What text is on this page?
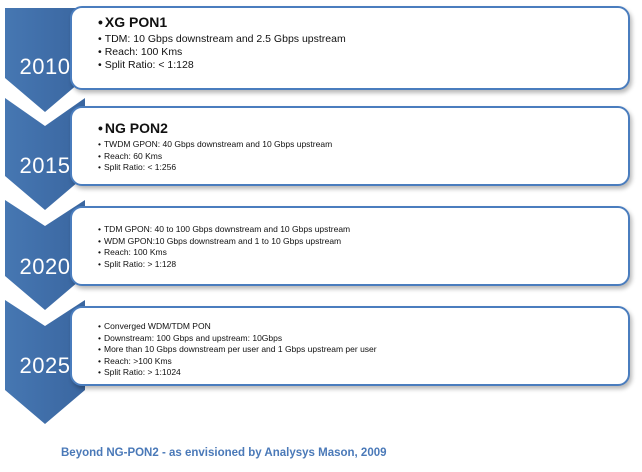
2010
2015
2020
2025
• XG PON1
• TDM: 10 Gbps downstream and 2.5 Gbps upstream
• Reach: 100 Kms
• Split Ratio: < 1:128
• NG PON2
• TWDM GPON: 40 Gbps downstream and 10 Gbps upstream
• Reach: 60 Kms
• Split Ratio: < 1:256
• TDM GPON: 40 to 100 Gbps downstream and 10 Gbps upstream
• WDM GPON:10 Gbps downstream and 1 to 10 Gbps upstream
• Reach: 100 Kms
• Split Ratio: > 1:128
• Converged WDM/TDM PON
• Downstream: 100 Gbps and upstream: 10Gbps
• More than 10 Gbps downstream per user and 1 Gbps upstream per user
• Reach: >100 Kms
• Split Ratio: > 1:1024
Beyond NG-PON2 - as envisioned by Analysys Mason, 2009
